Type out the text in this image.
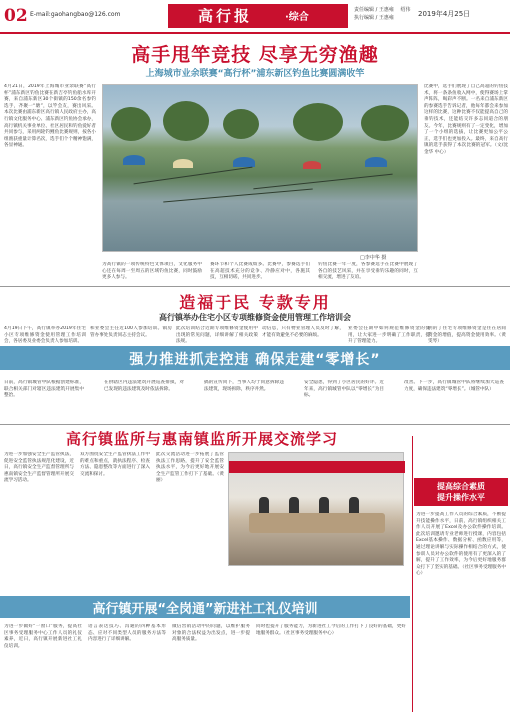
02 E-mail:gaohangbao@126.com	高行报	·综合
责任编辑 / 王惠雍　 绍伟
执行编辑 / 王惠雍	2019年4月25日
高手甩竿竞技 尽享无穷渔趣
上海城市业余联赛“高行杯”浦东新区钓鱼比赛圆满收竿
4月21日，2019年上海城市业余联赛“高行杯”浦东新区钓鱼比赛在新吉亭钓鱼船水库开赛，来自浦东新区30个街镇的150余名参钓选手，齐聚一“塘”，以竿会友，赛出风采。本次比赛由浦东新区高行镇人民政府主办，高行镇文化服务中心、浦东新区钓鱼协会承办，高行镇机关事业单位、社区居民和钓鱼爱好者共同参与，采用两轮钓鲤鱼比赛规则，按各小组渔获重量计算名次，选手们个个精神饱满，各显神通。
□李中华 摄
为高行镇的一项传统特色文体项目，文化服务中心还在每周一至周五的区域钓鱼比赛，同时鼓励更多人参与。
赛环节和个人比赛成绩多。比赛中，参赛选手们在高超技术充分的竞争、冷静应对中，各施其技，互相切磋，共同进步。
钓鱼比赛一年一度，各参赛选手在比赛中展现了各自的技艺风采，并在享受垂钓乐趣的同时，互相交流，增进了友谊。
比赛中，选手们展现了自己高超的钓鱼技术，将一条条鱼收入网中，使得赛场上掌声阵阵，喝彩声不断。一名来自浦东新区的参赛选手告诉记者，他每年都会来参加这样的比赛，这种比赛不仅能提高自己的垂钓技术，还能结交许多志同道合的朋友。今年，比赛规则有了一定变化，增加了一个小组的选拔，让比赛更加公平公正，选手们也更加投入。最终，来自高行镇的选手获得了本次比赛的冠军。（文/沈金华 中心）
造福于民 专款专用
高行镇举办住宅小区专项维修资金使用管理工作培训会
4月19日下午，高行镇举办2019年住宅小区专项维修资金使用管理工作培训会，各居委及业委会负责人参加培训。
和业委会主任近100人参加培训。镇房管办事处负责同志主持会议。
此次培训结合近期专项维修资金使用中出现的常见问题，详细讲解了相关政策法规。
动信息，只有物业管理人员及时了解，才能有效避免不必要的麻烦。
业委会任期中如何规范维修资金的使用，让大家进一步明确了工作职责，提升了管理能力。
阴的了住宅专项维修资金是住在居间资金的增值，提高资金使用效率。（黄雯琴）
强力推进抓走控违 确保走建“零增长”
日前，高行镇城管中队根据创建标准，联合相关部门对辖区违法建筑开展集中整治。
在供辖区内违法建筑开展巡查排摸，对已发现的违法建筑及时依法拆除。
搞的宣传同下，当事人均于同意拆除违法建筑，现场拆除，秩序井然。
安全隐患，得到了小区居民的好评。近年来，高行镇城管中队以“零增长”为目标。
改善。下一步，高行镇城管中队将继续加大巡查力度，确保违法建筑“零增长”。（城管中队）
高行镇监所与惠南镇监所开展交流学习
为进一步加强安全生产监管执法，促进安全监管执法规范化建设，近日，高行镇安全生产监督管理所与惠南镇安全生产监督管理所开展交流学习活动。
双方围绕安全生产监管执法工作中的难点和重点，就执法程序、检查方法、隐患整改等方面进行了深入交流和探讨。
此次交流活动进一步拓展了监管执法工作思路，提升了安全监管执法水平，为今后更好地开展安全生产监管工作打下了基础。（黄丽）
提高综合素质
提升操作水平
为进一步提高工作人员的综合素质，不断提升技能操作水平，日前，高行镇组织相关工作人员开展了Excel及办公软件操作培训。此次培训邀请专业老师进行授课，内容包括Excel基本操作、数据分析、函数应用等，通过理论讲解与实际操作相结合的方式，使参训人员对办公软件的使用有了更深入的了解，提升了工作效率，为今后更好地服务群众打下了坚实的基础。（社区事务受理服务中心）
高行镇开展“全岗通”新进社工礼仪培训
为进一步做好“一窗口”服务，提高社区事务受理服务中心工作人员的礼仪素养，近日，高行镇开展新进社工礼仪培训。
语言表达技巧、沟通的四种基本形态、应对不同类型人员的服务方法等内容进行了详细讲解。
微信营销活动中的问题，以维护服务对象的合法权益为出发点，进一步提高服务质量。
同时也提升了服务能力，为新进社工今后的工作打下了良好的基础，更好地服务群众。（社区事务受理服务中心）
